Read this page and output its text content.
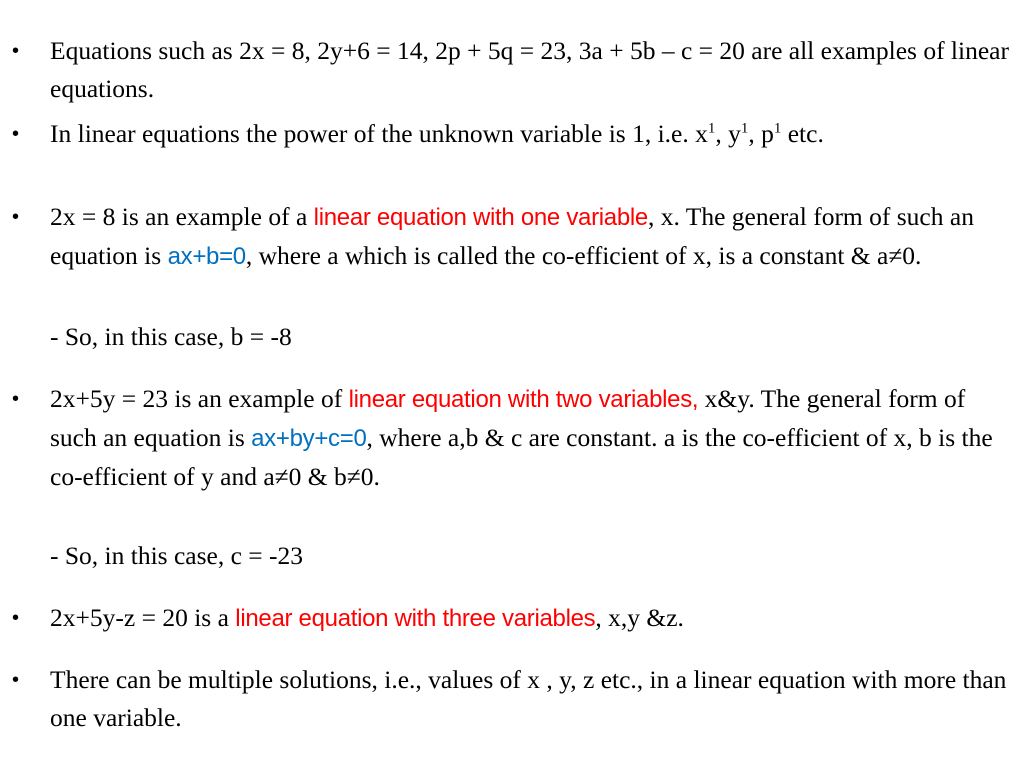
• Equations such as 2x = 8, 2y+6 = 14, 2p + 5q = 23, 3a + 5b – c = 20 are all examples of linear equations.
• In linear equations the power of the unknown variable is 1, i.e. $x^1$, $y^1$, $p^1$ etc.
• 2x = 8 is an example of a linear equation with one variable, x. The general form of such an equation is ax+b=0, where a which is called the co-efficient of x, is a constant & a≠0.
- So, in this case, b = -8
• 2x+5y = 23 is an example of linear equation with two variables, x&y. The general form of such an equation is ax+by+c=0, where a,b & c are constant. a is the co-efficient of x, b is the co-efficient of y and a≠0 & b≠0.
- So, in this case, c = -23
• 2x+5y-z = 20 is a linear equation with three variables, x,y &z.
• There can be multiple solutions, i.e., values of x , y, z etc., in a linear equation with more than one variable.
